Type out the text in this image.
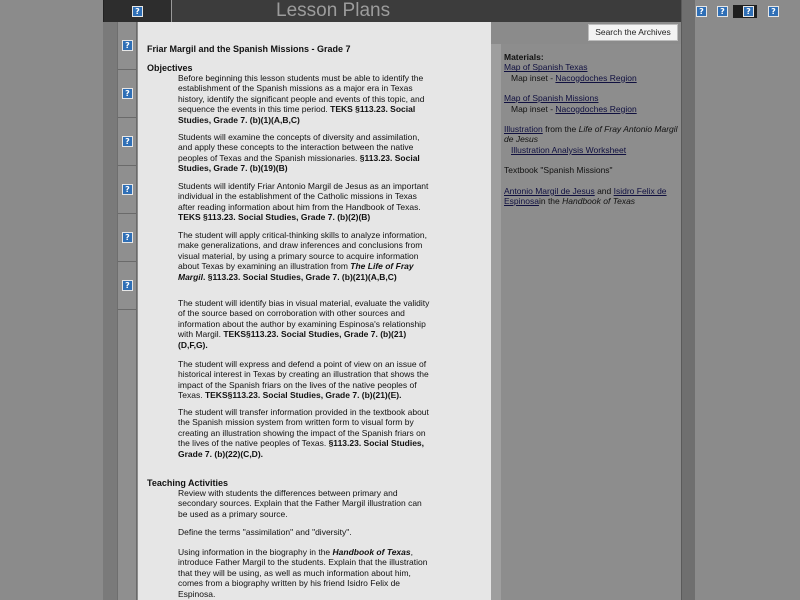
?	Lesson Plans	?	?	?	?
?
?
?
?
?
?
Friar Margil and the Spanish Missions - Grade 7
Objectives
Before beginning this lesson students must be able to identify the establishment of the Spanish missions as a major era in Texas history, identify the significant people and events of this topic, and sequence the events in this time period. TEKS §113.23. Social Studies, Grade 7. (b)(1)(A,B,C)
Students will examine the concepts of diversity and assimilation, and apply these concepts to the interaction between the native peoples of Texas and the Spanish missionaries. §113.23. Social Studies, Grade 7. (b)(19)(B)
Students will identify Friar Antonio Margil de Jesus as an important individual in the establishment of the Catholic missions in Texas after reading information about him from the Handbook of Texas. TEKS §113.23. Social Studies, Grade 7. (b)(2)(B)
The student will apply critical-thinking skills to analyze information, make generalizations, and draw inferences and conclusions from visual material, by using a primary source to acquire information about Texas by examining an illustration from The Life of Fray Margil. §113.23. Social Studies, Grade 7. (b)(21)(A,B,C)
The student will identify bias in visual material, evaluate the validity of the source based on corroboration with other sources and information about the author by examining Espinosa's relationship with Margil. TEKS§113.23. Social Studies, Grade 7. (b)(21)(D,F,G).
The student will express and defend a point of view on an issue of historical interest in Texas by creating an illustration that shows the impact of the Spanish friars on the lives of the native peoples of Texas. TEKS§113.23. Social Studies, Grade 7. (b)(21)(E).
The student will transfer information provided in the textbook about the Spanish mission system from written form to visual form by creating an illustration showing the impact of the Spanish friars on the lives of the native peoples of Texas. §113.23. Social Studies, Grade 7. (b)(22)(C,D).
Teaching Activities
Review with students the differences between primary and secondary sources. Explain that the Father Margil illustration can be used as a primary source.
Define the terms "assimilation" and "diversity".
Using information in the biography in the Handbook of Texas, introduce Father Margil to the students. Explain that the illustration that they will be using, as well as much information about him, comes from a biography written by his friend Isidro Felix de Espinosa.
Search the Archives
Materials:
Map of Spanish Texas
Map inset - Nacogdoches Region
Map of Spanish Missions
Map inset - Nacogdoches Region
Illustration from the Life of Fray Antonio Margil de Jesus
Illustration Analysis Worksheet
Textbook "Spanish Missions"
Antonio Margil de Jesus and Isidro Felix de Espinosain the Handbook of Texas
